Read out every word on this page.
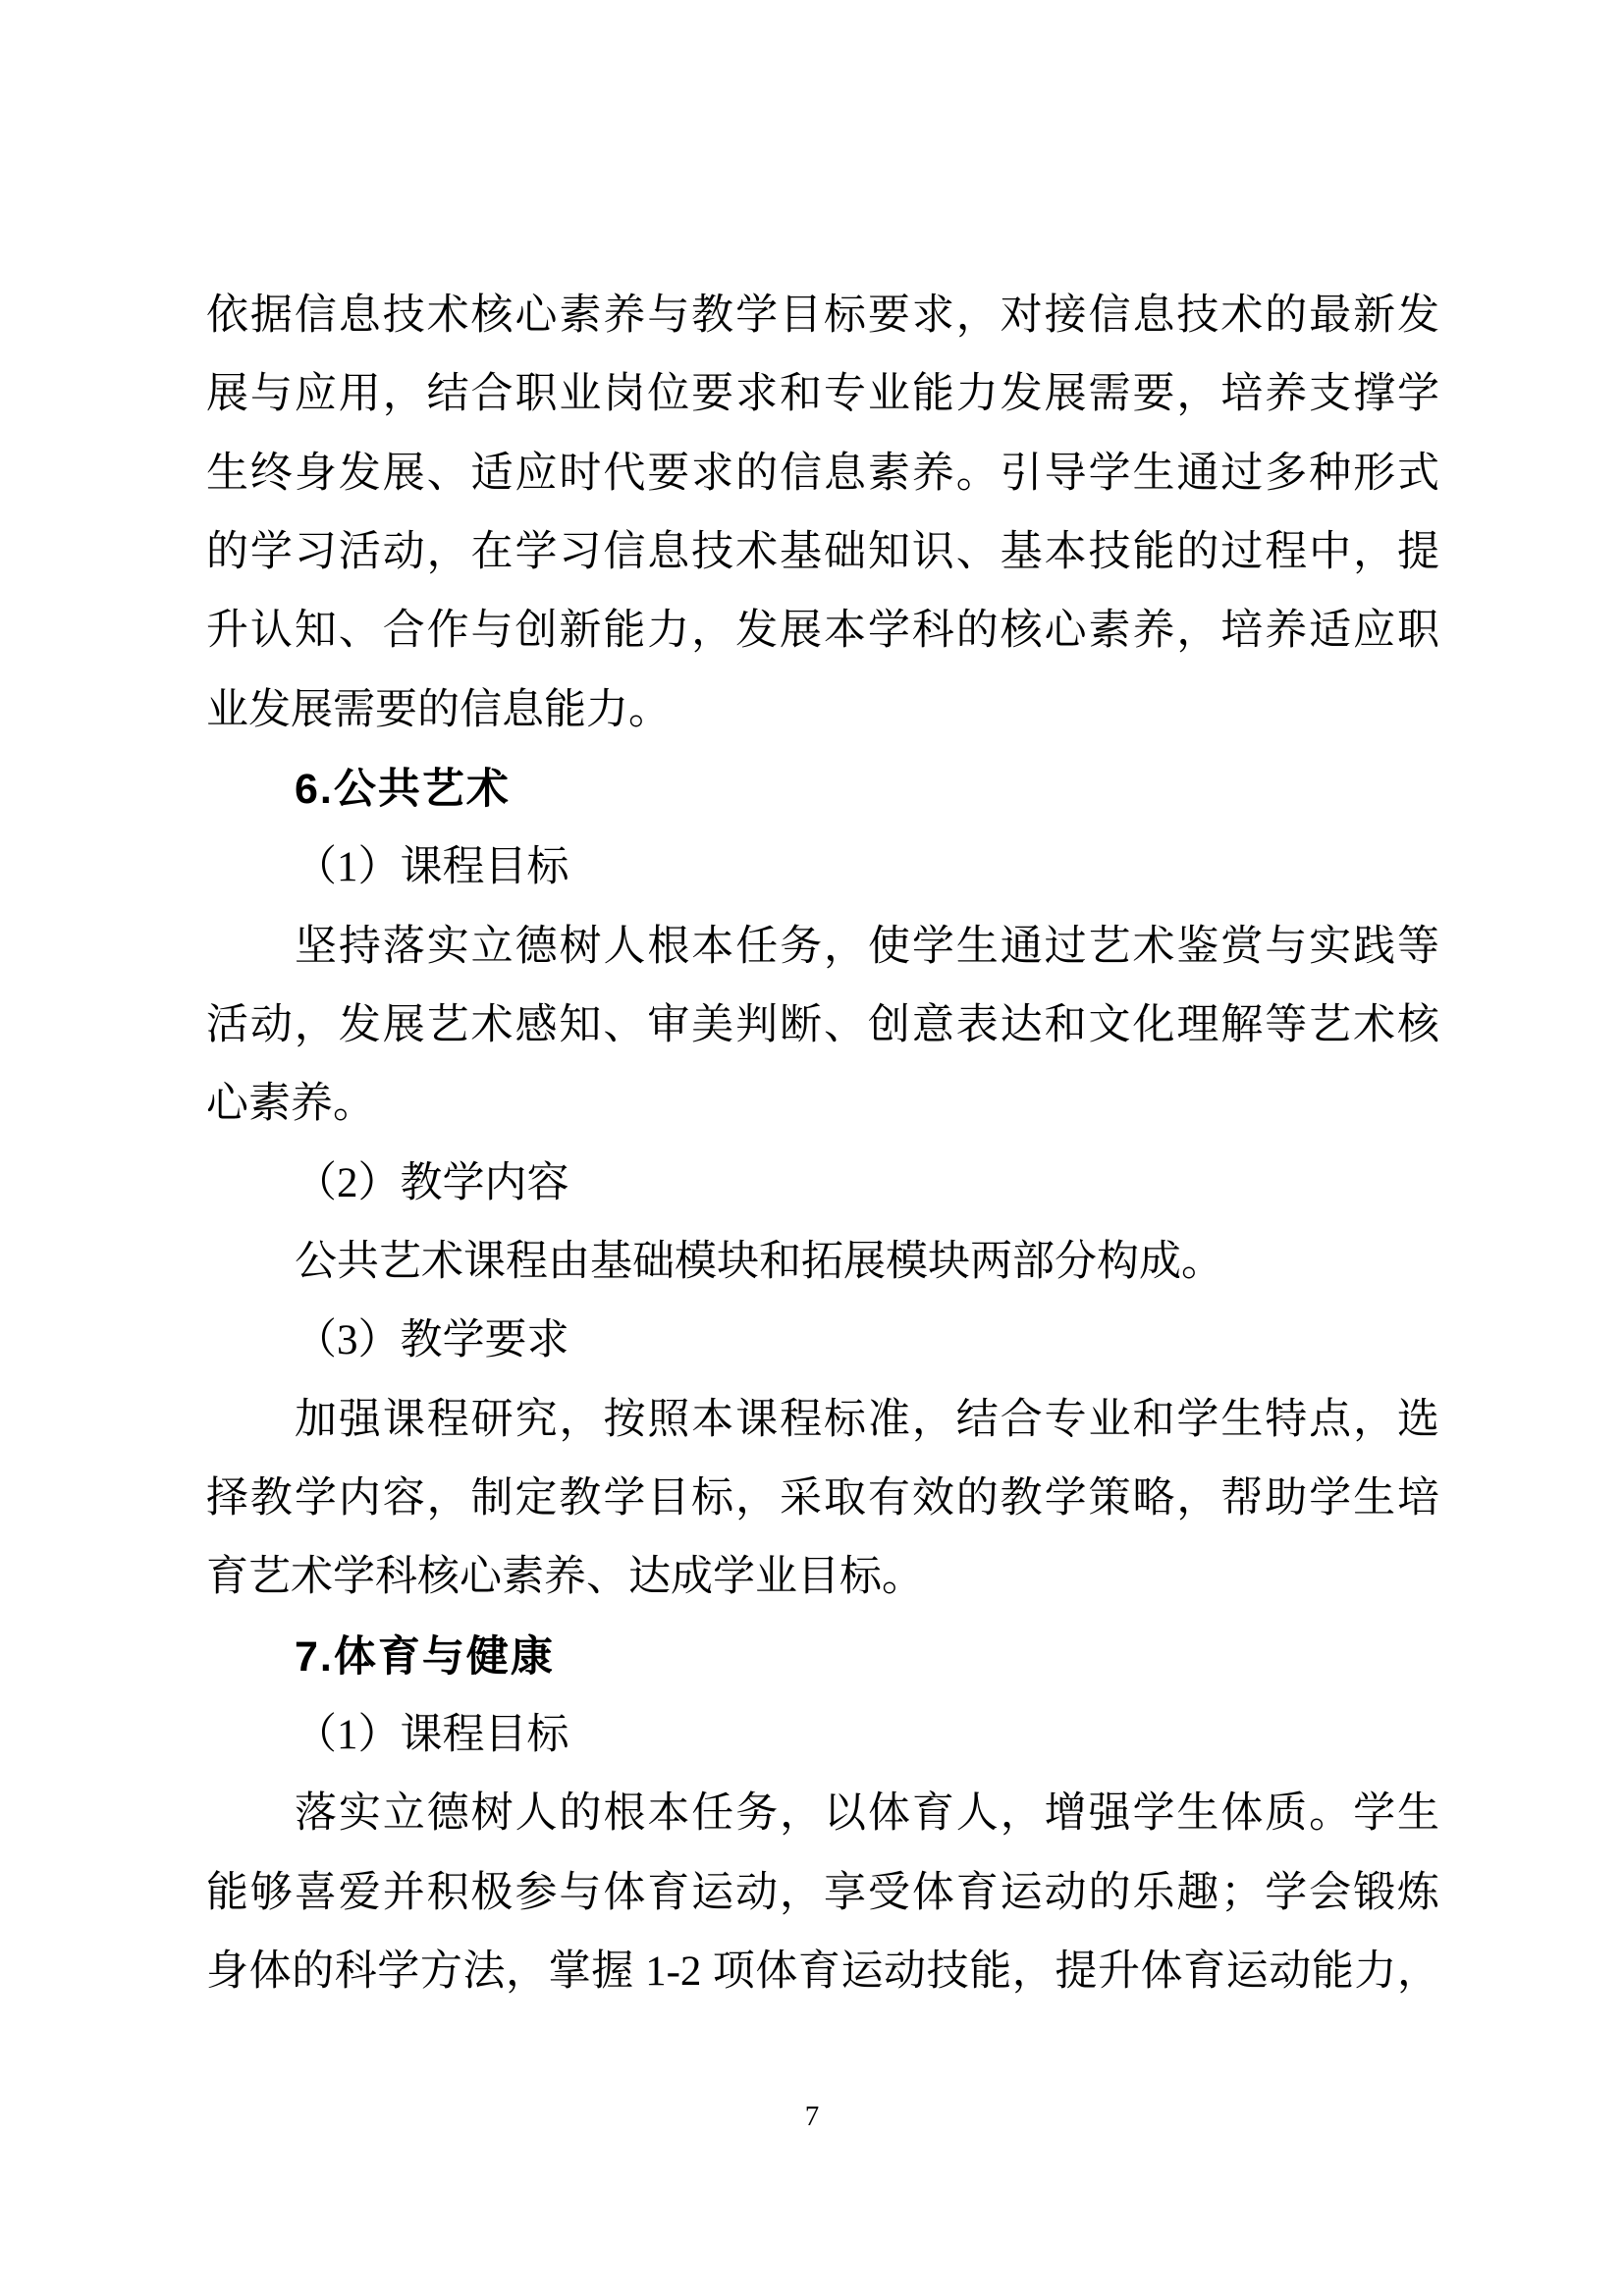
依据信息技术核心素养与教学目标要求，对接信息技术的最新发
展与应用，结合职业岗位要求和专业能力发展需要，培养支撑学
生终身发展、适应时代要求的信息素养。引导学生通过多种形式
的学习活动，在学习信息技术基础知识、基本技能的过程中，提
升认知、合作与创新能力，发展本学科的核心素养，培养适应职
业发展需要的信息能力。
6.公共艺术
（1）课程目标
坚持落实立德树人根本任务，使学生通过艺术鉴赏与实践等
活动，发展艺术感知、审美判断、创意表达和文化理解等艺术核
心素养。
（2）教学内容
公共艺术课程由基础模块和拓展模块两部分构成。
（3）教学要求
加强课程研究，按照本课程标准，结合专业和学生特点，选
择教学内容，制定教学目标，采取有效的教学策略，帮助学生培
育艺术学科核心素养、达成学业目标。
7.体育与健康
（1）课程目标
落实立德树人的根本任务，以体育人，增强学生体质。学生
能够喜爱并积极参与体育运动，享受体育运动的乐趣；学会锻炼
身体的科学方法，掌握 1-2 项体育运动技能，提升体育运动能力，
7
